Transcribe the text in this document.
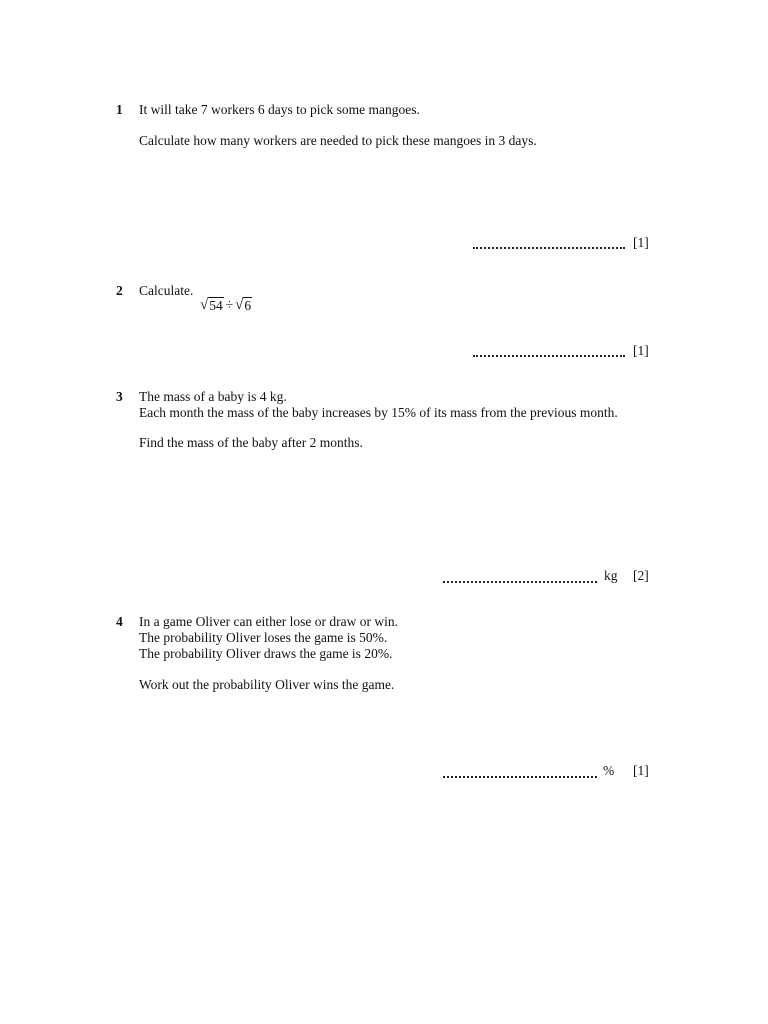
1 It will take 7 workers 6 days to pick some mangoes.
Calculate how many workers are needed to pick these mangoes in 3 days.
[1]
2 Calculate.
√ 54 ÷ √ 6
[1]
3 The mass of a baby is 4 kg.
Each month the mass of the baby increases by 15% of its mass from the previous month.
Find the mass of the baby after 2 months.
kg [2]
4 In a game Oliver can either lose or draw or win.
The probability Oliver loses the game is 50%.
The probability Oliver draws the game is 20%.
Work out the probability Oliver wins the game.
% [1]
